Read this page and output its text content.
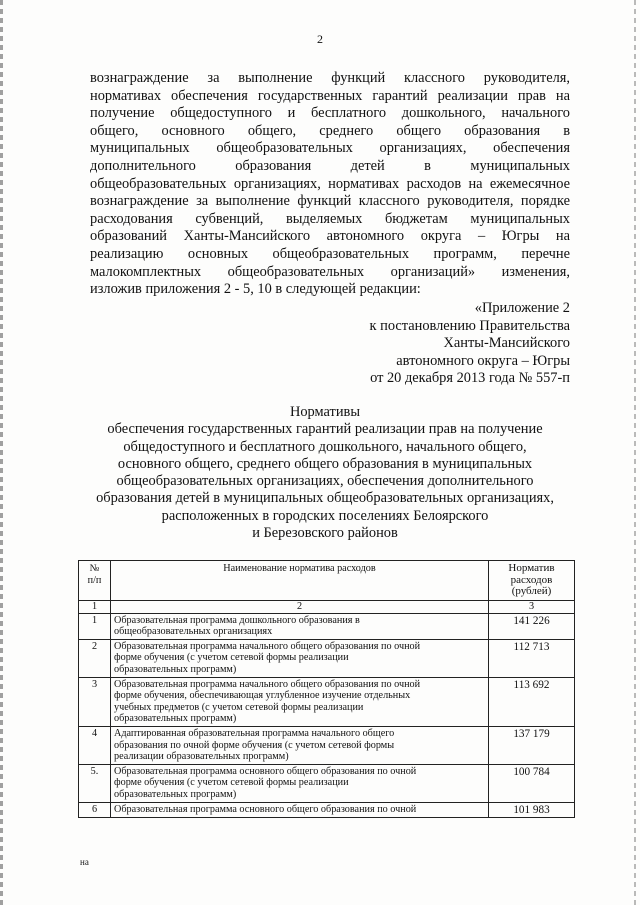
2

вознаграждение за выполнение функций классного руководителя,
нормативах обеспечения государственных гарантий реализации прав на
получение общедоступного и бесплатного дошкольного, начального
общего, основного общего, среднего общего образования в
муниципальных общеобразовательных организациях, обеспечения
дополнительного образования детей в муниципальных
общеобразовательных организациях, нормативах расходов на ежемесячное
вознаграждение за выполнение функций классного руководителя, порядке
расходования субвенций, выделяемых бюджетам муниципальных
образований Ханты-Мансийского автономного округа – Югры на
реализацию основных общеобразовательных программ, перечне
малокомплектных общеобразовательных организаций» изменения,
изложив приложения 2 - 5, 10 в следующей редакции:

«Приложение 2
к постановлению Правительства
Ханты-Мансийского
автономного округа – Югры
от 20 декабря 2013 года № 557-п
Нормативы
обеспечения государственных гарантий реализации прав на получение
общедоступного и бесплатного дошкольного, начального общего,
основного общего, среднего общего образования в муниципальных
общеобразовательных организациях, обеспечения дополнительного
образования детей в муниципальных общеобразовательных организациях,
расположенных в городских поселениях Белоярского
и Березовского районов
№
п/п	Наименование норматива расходов	Норматив
расходов
(рублей)
1	2	3
1	Образовательная программа дошкольного образования в
общеобразовательных организациях	141 226
2	Образовательная программа начального общего образования по очной
форме обучения (с учетом сетевой формы реализации
образовательных программ)	112 713
3	Образовательная программа начального общего образования по очной
форме обучения, обеспечивающая углубленное изучение отдельных
учебных предметов (с учетом сетевой формы реализации
образовательных программ)	113 692
4	Адаптированная образовательная программа начального общего
образования по очной форме обучения (с учетом сетевой формы
реализации образовательных программ)	137 179
5.	Образовательная программа основного общего образования по очной
форме обучения (с учетом сетевой формы реализации
образовательных программ)	100 784
6	Образовательная программа основного общего образования по очной	101 983
на
